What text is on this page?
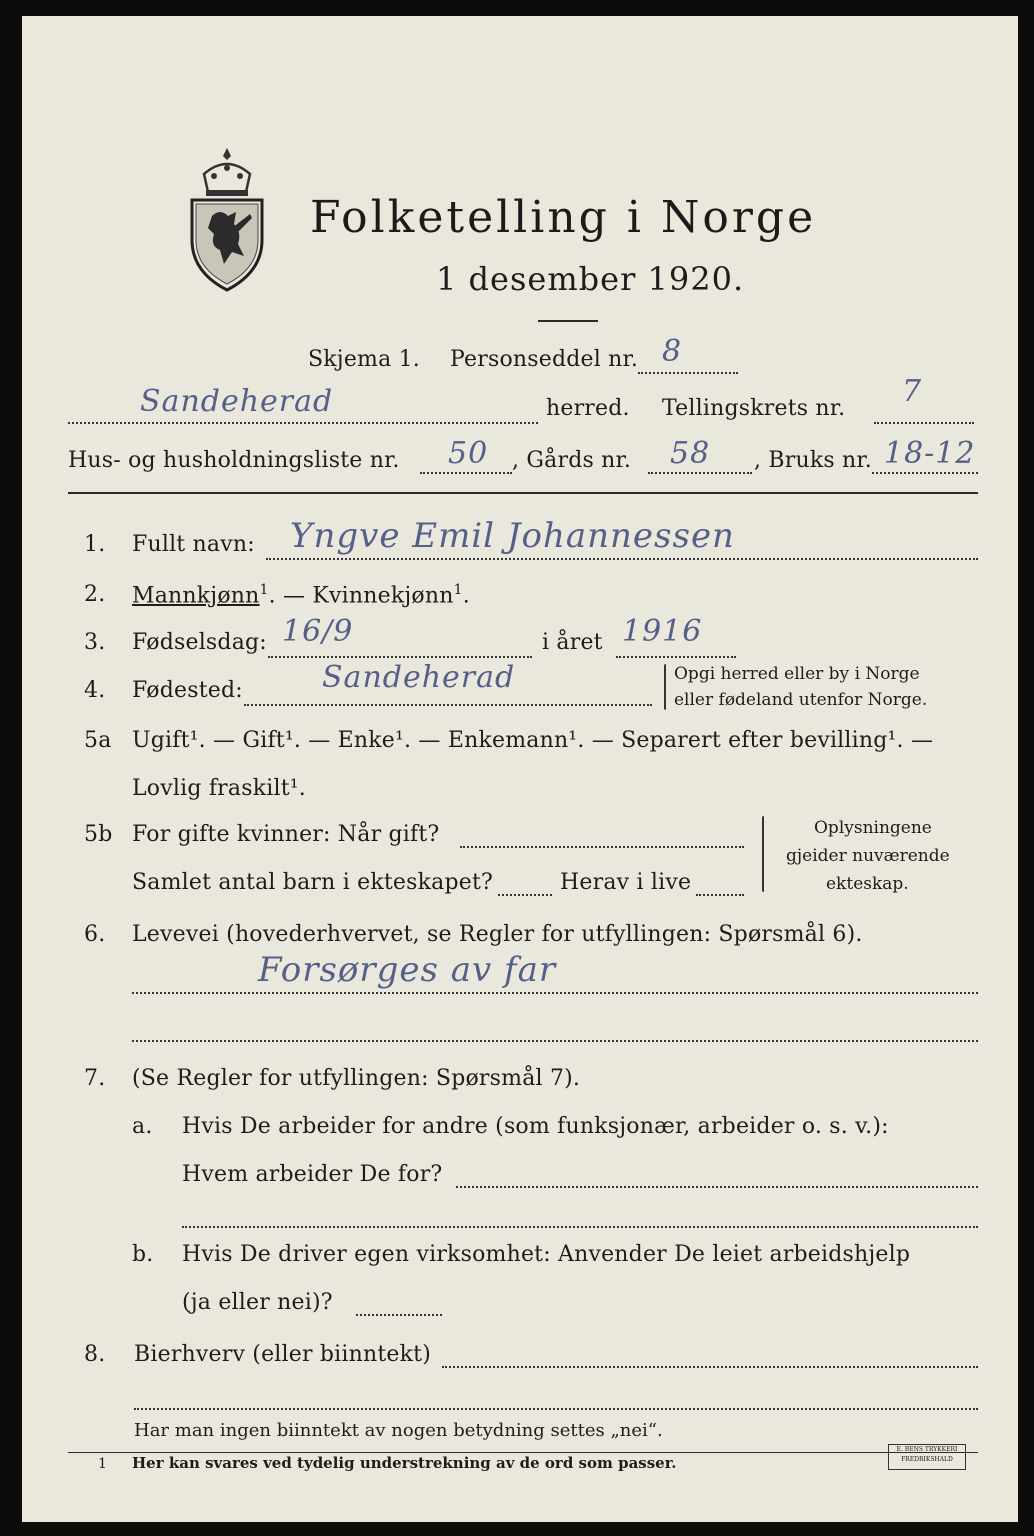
Folketelling i Norge
1 desember 1920.
Skjema 1. Personseddel nr. 8
Sandeherad	herred. Tellingskrets nr. 7
Hus- og husholdningsliste nr. 50 , Gårds nr. 58 , Bruks nr. 18-12
1. Fullt navn: Yngve Emil Johannessen
2. Mannkjønn$^1$. — Kvinnekjønn$^1$.
3. Fødselsdag: 16/9	i året 1916
4. Fødested:	Sandeherad	Opgi herred eller by i Norge
eller fødeland utenfor Norge.
5a Ugift¹. — Gift¹. — Enke¹. — Enkemann¹. — Separert efter bevilling¹. —
Lovlig fraskilt¹.
5b For gifte kvinner: Når gift?
Samlet antal barn i ekteskapet?	Herav i live
Oplysningene
gjeider nuværende
ekteskap.
6. Levevei (hovederhvervet, se Regler for utfyllingen: Spørsmål 6).
Forsørges av far
7. (Se Regler for utfyllingen: Spørsmål 7).
a. Hvis De arbeider for andre (som funksjonær, arbeider o. s. v.):
Hvem arbeider De for?
b. Hvis De driver egen virksomhet: Anvender De leiet arbeidshjelp
(ja eller nei)?
8. Bierhverv (eller biinntekt)
Har man ingen biinntekt av nogen betydning settes „nei“.
1 Her kan svares ved tydelig understrekning av de ord som passer.
E. BENS TRYKKERI
FREDRIKSHALD
